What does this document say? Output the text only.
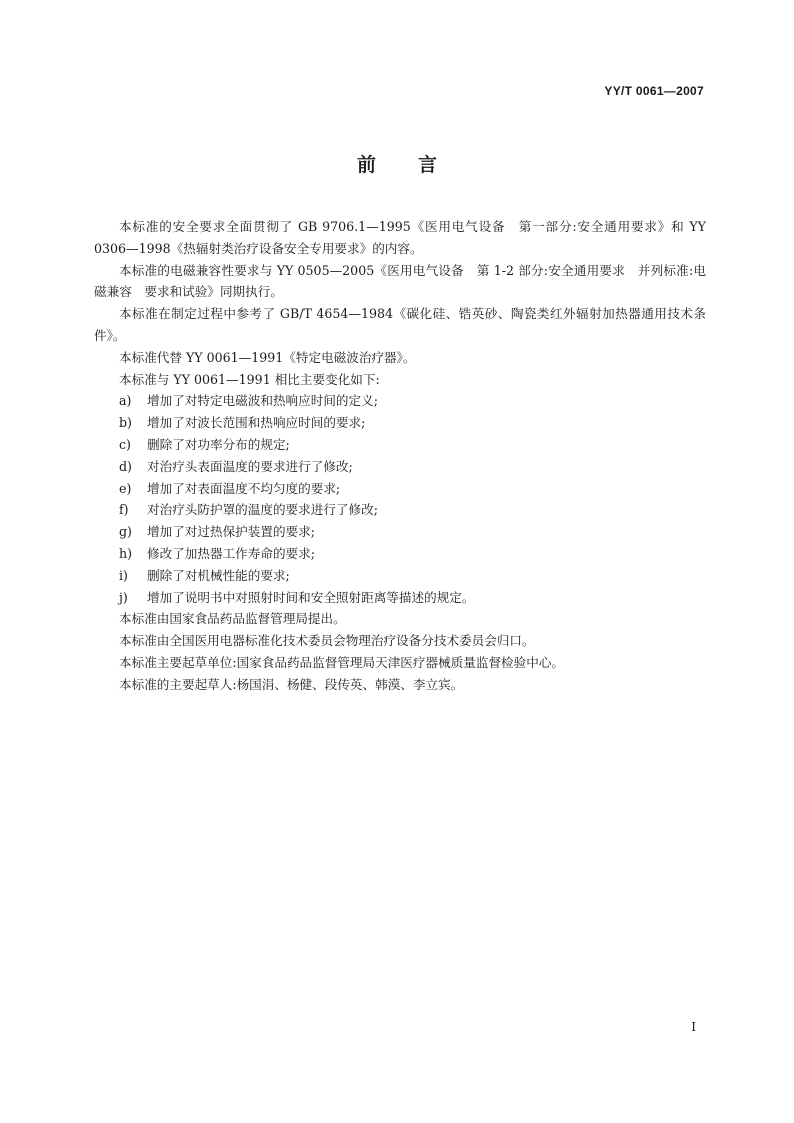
YY/T 0061—2007
前言

本标准的安全要求全面贯彻了 GB 9706.1—1995《医用电气设备　第一部分:安全通用要求》和 YY 0306—1998《热辐射类治疗设备安全专用要求》的内容。

本标准的电磁兼容性要求与 YY 0505—2005《医用电气设备　第 1-2 部分:安全通用要求　并列标准:电磁兼容　要求和试验》同期执行。

本标准在制定过程中参考了 GB/T 4654—1984《碳化硅、锆英砂、陶瓷类红外辐射加热器通用技术条件》。

本标准代替 YY 0061—1991《特定电磁波治疗器》。

本标准与 YY 0061—1991 相比主要变化如下:

a) 增加了对特定电磁波和热响应时间的定义;

b) 增加了对波长范围和热响应时间的要求;

c) 删除了对功率分布的规定;

d) 对治疗头表面温度的要求进行了修改;

e) 增加了对表面温度不均匀度的要求;

f) 对治疗头防护罩的温度的要求进行了修改;

g) 增加了对过热保护装置的要求;

h) 修改了加热器工作寿命的要求;

i) 删除了对机械性能的要求;

j) 增加了说明书中对照射时间和安全照射距离等描述的规定。

本标准由国家食品药品监督管理局提出。

本标准由全国医用电器标准化技术委员会物理治疗设备分技术委员会归口。

本标准主要起草单位:国家食品药品监督管理局天津医疗器械质量监督检验中心。

本标准的主要起草人:杨国涓、杨健、段传英、韩漠、李立宾。

I
